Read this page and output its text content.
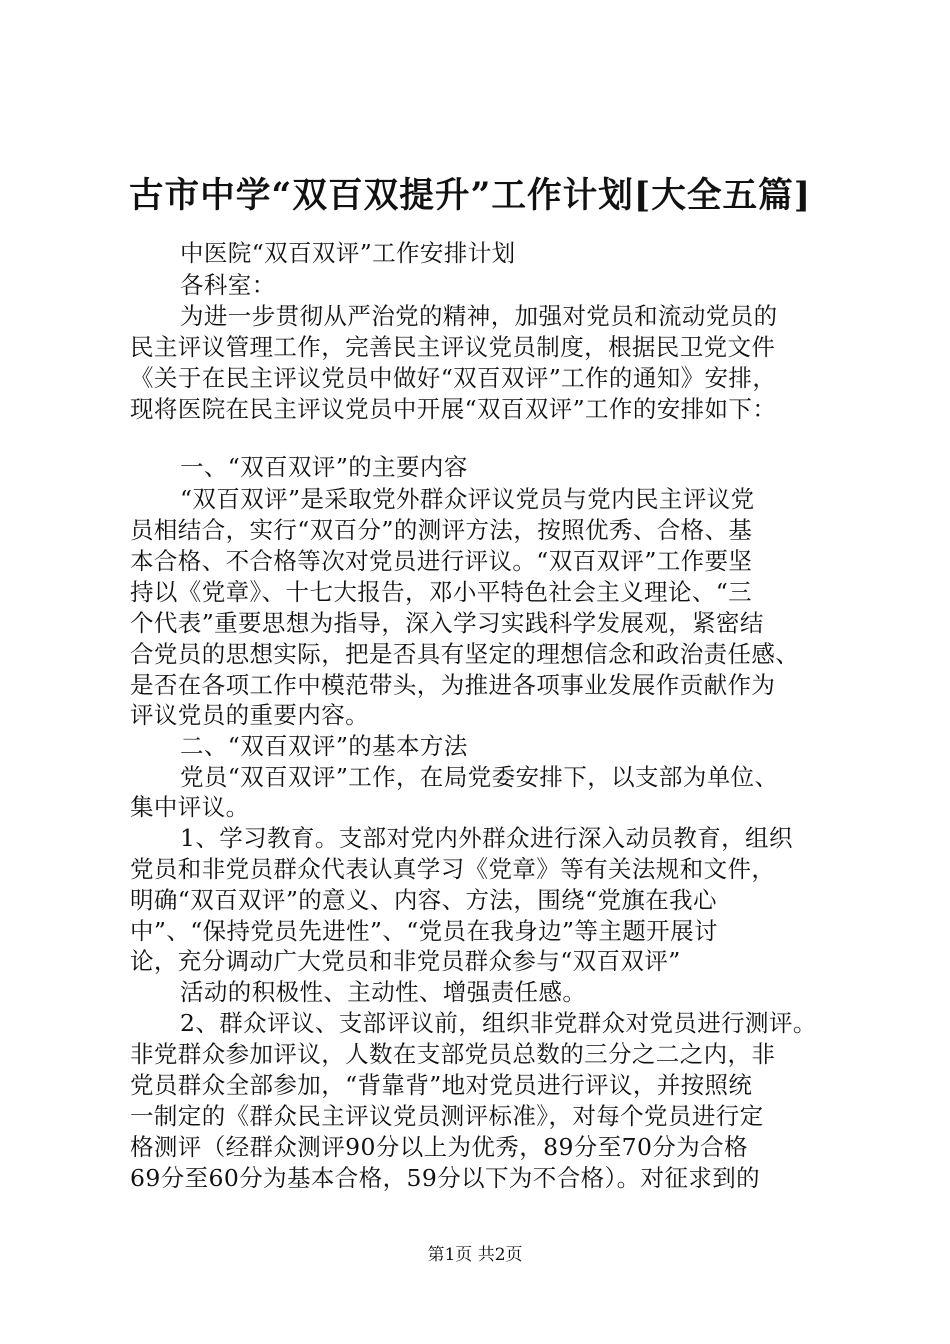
古市中学“双百双提升”工作计划[大全五篇]
中医院“双百双评”工作安排计划
各科室：
为进一步贯彻从严治党的精神，加强对党员和流动党员的
民主评议管理工作，完善民主评议党员制度，根据民卫党文件
《关于在民主评议党员中做好“双百双评”工作的通知》安排，
现将医院在民主评议党员中开展“双百双评”工作的安排如下：
一、“双百双评”的主要内容
“双百双评”是采取党外群众评议党员与党内民主评议党
员相结合，实行“双百分”的测评方法，按照优秀、合格、基
本合格、不合格等次对党员进行评议。“双百双评”工作要坚
持以《党章》、十七大报告，邓小平特色社会主义理论、“三
个代表”重要思想为指导，深入学习实践科学发展观，紧密结
合党员的思想实际，把是否具有坚定的理想信念和政治责任感、
是否在各项工作中模范带头，为推进各项事业发展作贡献作为
评议党员的重要内容。
二、“双百双评”的基本方法
党员“双百双评”工作，在局党委安排下，以支部为单位、
集中评议。
1、学习教育。支部对党内外群众进行深入动员教育，组织
党员和非党员群众代表认真学习《党章》等有关法规和文件，
明确“双百双评”的意义、内容、方法，围绕“党旗在我心
中”、“保持党员先进性”、“党员在我身边”等主题开展讨
论，充分调动广大党员和非党员群众参与“双百双评”
活动的积极性、主动性、增强责任感。
2、群众评议、支部评议前，组织非党群众对党员进行测评。
非党群众参加评议，人数在支部党员总数的三分之二之内，非
党员群众全部参加，“背靠背”地对党员进行评议，并按照统
一制定的《群众民主评议党员测评标准》，对每个党员进行定
格测评（经群众测评90分以上为优秀，89分至70分为合格
69分至60分为基本合格，59分以下为不合格）。对征求到的
第1页 共2页
